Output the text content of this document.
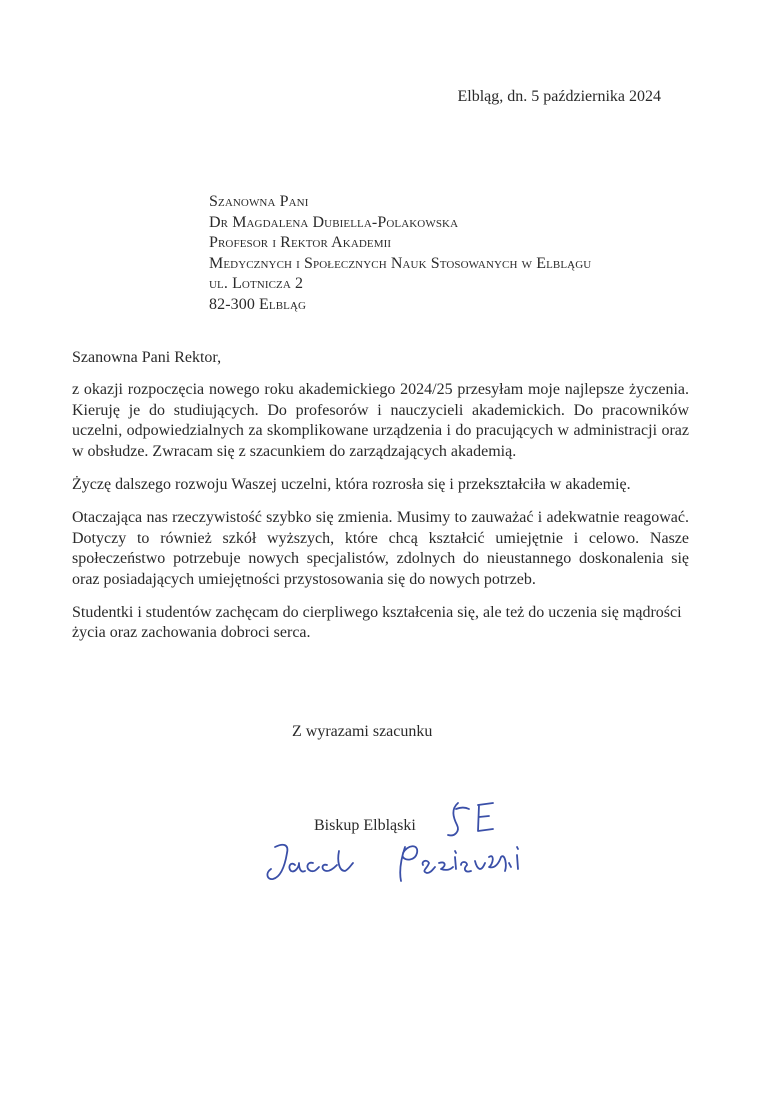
Elbląg, dn. 5 października 2024
Szanowna Pani
Dr Magdalena Dubiella-Polakowska
Profesor i Rektor Akademii
Medycznych i Społecznych Nauk Stosowanych w Elblągu
ul. Lotnicza 2
82-300 Elbląg
Szanowna Pani Rektor,

z okazji rozpoczęcia nowego roku akademickiego 2024/25 przesyłam moje najlepsze życzenia. Kieruję je do studiujących. Do profesorów i nauczycieli akademickich. Do pracowników uczelni, odpowiedzialnych za skomplikowane urządzenia i do pracujących w administracji oraz w obsłudze. Zwracam się z szacunkiem do zarządzających akademią.

Życzę dalszego rozwoju Waszej uczelni, która rozrosła się i przekształciła w akademię.

Otaczająca nas rzeczywistość szybko się zmienia. Musimy to zauważać i adekwatnie reagować. Dotyczy to również szkół wyższych, które chcą kształcić umiejętnie i celowo. Nasze społeczeństwo potrzebuje nowych specjalistów, zdolnych do nieustannego doskonalenia się oraz posiadających umiejętności przystosowania się do nowych potrzeb.

Studentki i studentów zachęcam do cierpliwego kształcenia się, ale też do uczenia się mądrości życia oraz zachowania dobroci serca.

Z wyrazami szacunku
Biskup Elbląski
